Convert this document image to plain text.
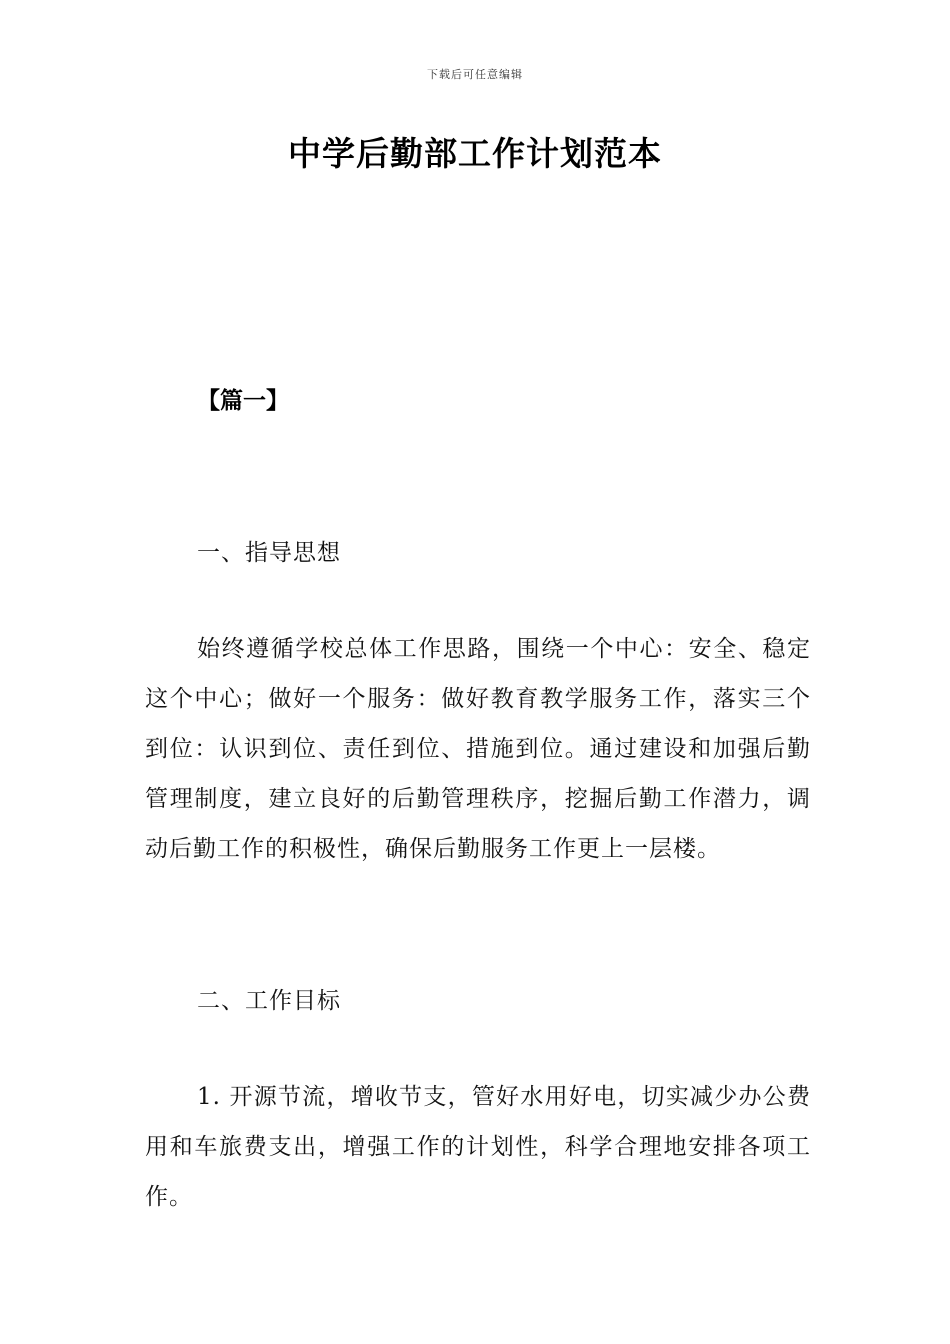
下载后可任意编辑
中学后勤部工作计划范本
【篇一】
一、指导思想

始终遵循学校总体工作思路，围绕一个中心：安全、稳定这个中心；做好一个服务：做好教育教学服务工作，落实三个到位：认识到位、责任到位、措施到位。通过建设和加强后勤管理制度，建立良好的后勤管理秩序，挖掘后勤工作潜力，调动后勤工作的积极性，确保后勤服务工作更上一层楼。

二、工作目标

1. 开源节流，增收节支，管好水用好电，切实减少办公费用和车旅费支出，增强工作的计划性，科学合理地安排各项工作。
